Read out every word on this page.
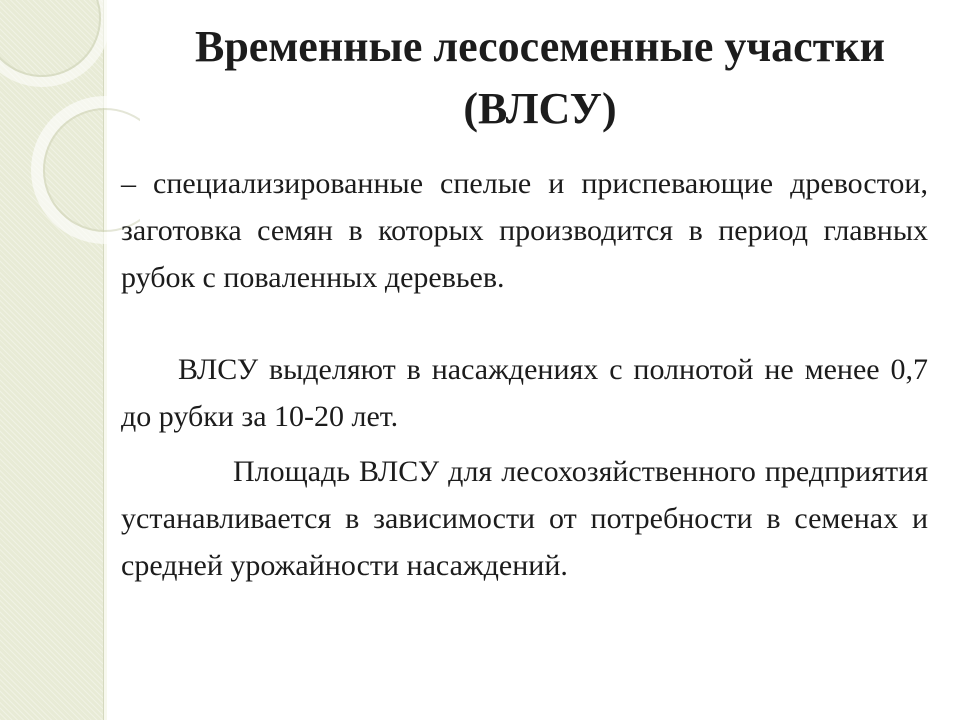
Временные лесосеменные участки (ВЛСУ)

– специализированные спелые и приспевающие древостои, заготовка семян в которых производится в период главных рубок с поваленных деревьев.

ВЛСУ выделяют в насаждениях с полнотой не менее 0,7 до рубки за 10-20 лет.

Площадь ВЛСУ для лесохозяйственного предприятия устанавливается в зависимости от потребности в семенах и средней урожайности насаждений.
